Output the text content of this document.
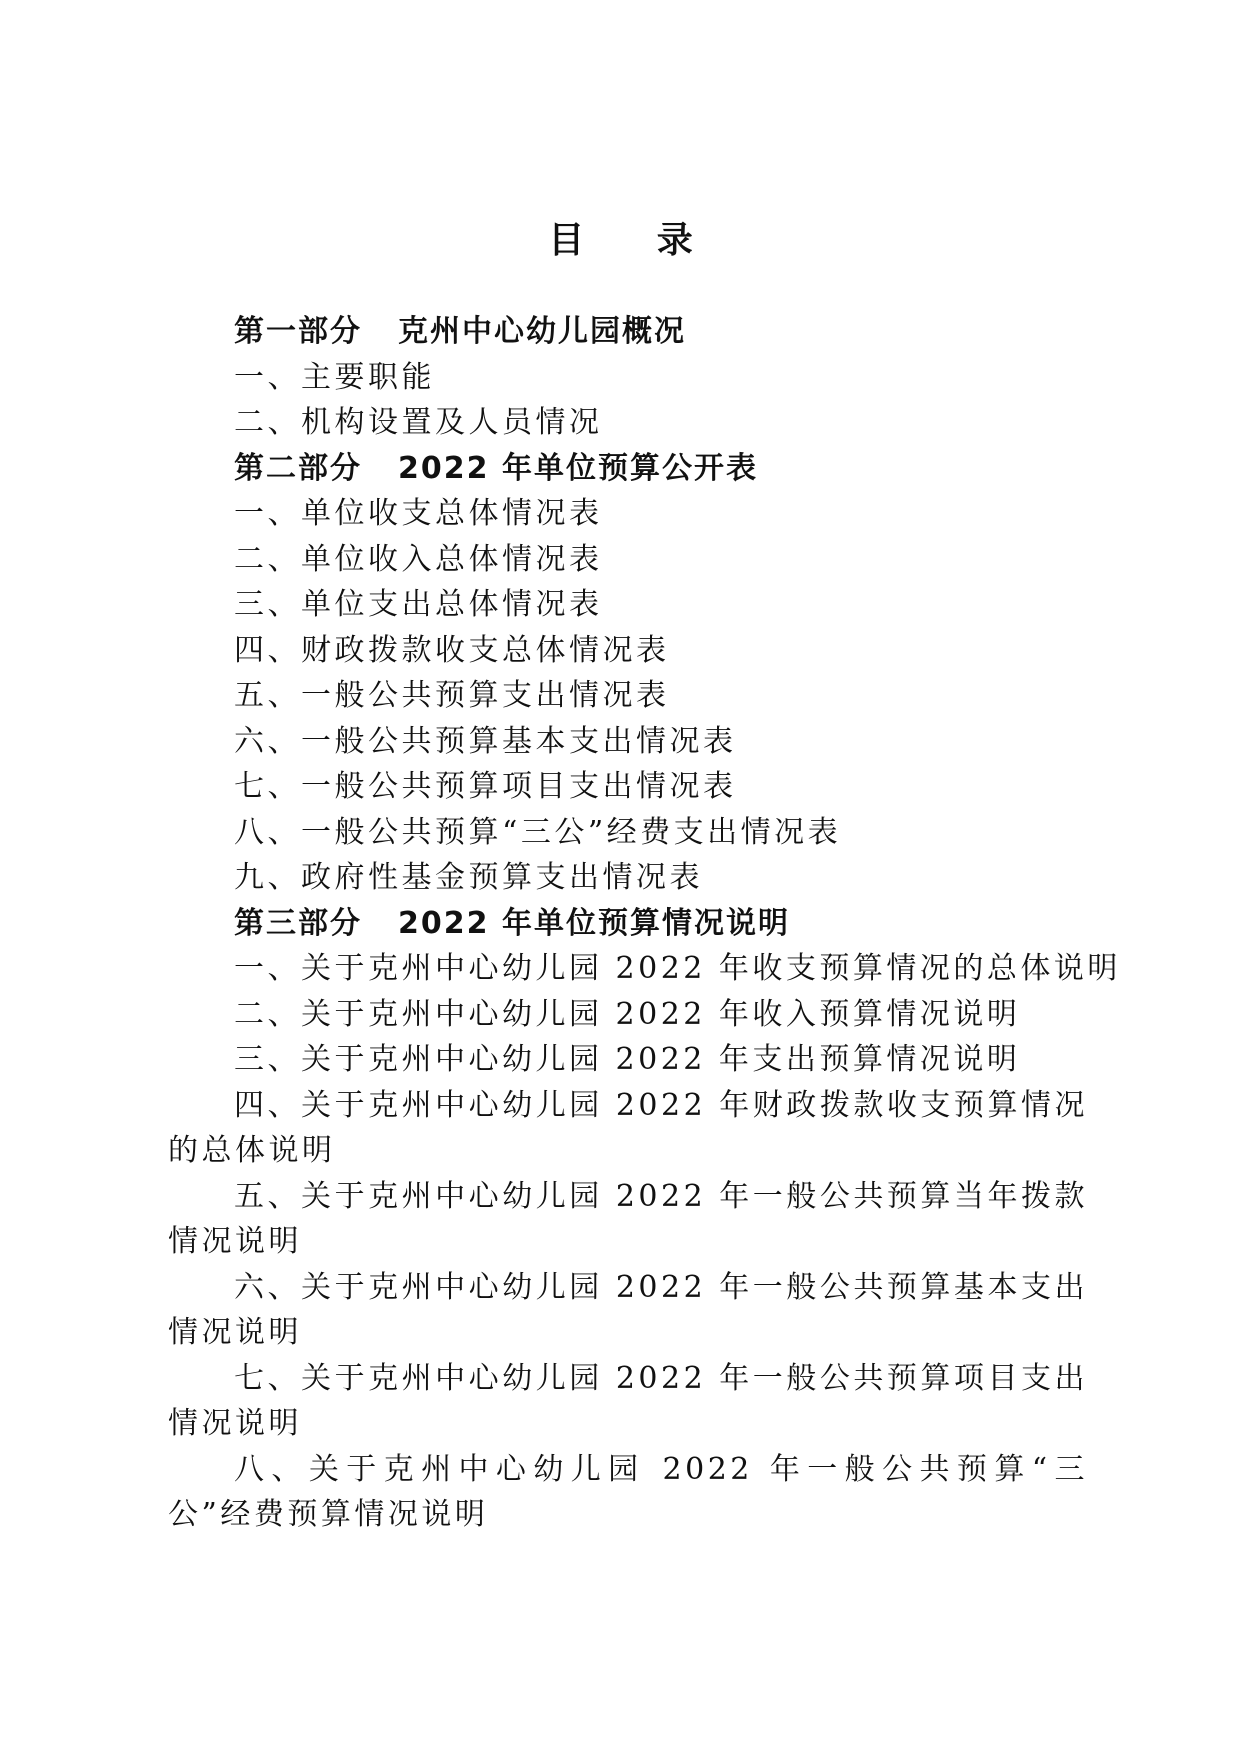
目 录
第一部分 克州中心幼儿园概况
一、主要职能
二、机构设置及人员情况
第二部分 2022 年单位预算公开表
一、单位收支总体情况表
二、单位收入总体情况表
三、单位支出总体情况表
四、财政拨款收支总体情况表
五、一般公共预算支出情况表
六、一般公共预算基本支出情况表
七、一般公共预算项目支出情况表
八、一般公共预算“三公”经费支出情况表
九、政府性基金预算支出情况表
第三部分 2022 年单位预算情况说明
一、关于克州中心幼儿园 2022 年收支预算情况的总体说明
二、关于克州中心幼儿园 2022 年收入预算情况说明
三、关于克州中心幼儿园 2022 年支出预算情况说明
四、关于克州中心幼儿园 2022 年财政拨款收支预算情况的总体说明
五、关于克州中心幼儿园 2022 年一般公共预算当年拨款情况说明
六、关于克州中心幼儿园 2022 年一般公共预算基本支出情况说明
七、关于克州中心幼儿园 2022 年一般公共预算项目支出情况说明
八、关于克州中心幼儿园 2022 年一般公共预算“三公”经费预算情况说明
